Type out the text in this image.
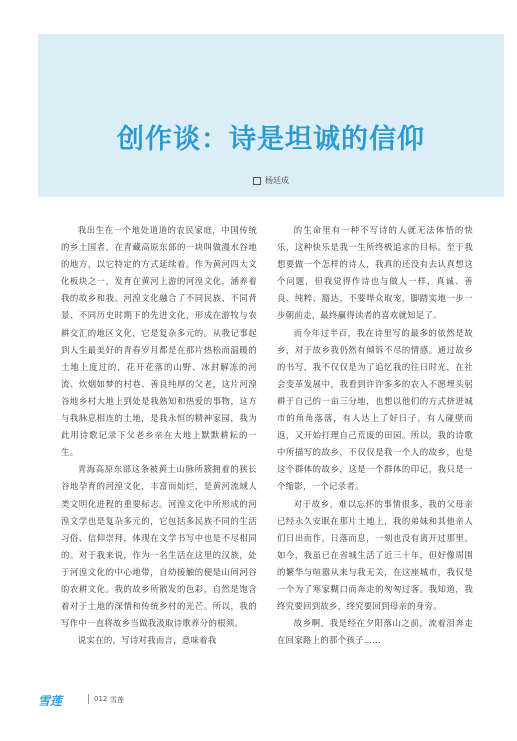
创作谈：诗是坦诚的信仰
杨廷成

我出生在一个地处道道的农民家庭，中国传统的乡土国者，在青藏高原东部的一块叫做漫水谷地的地方，以它特定的方式延续着。作为黄河四大文化板块之一，发育在黄河上游的河湟文化，涵养着我的故乡和我。河湟文化融合了不同民族、不同背景、不同历史时期下的先进文化，形成在游牧与农耕交汇的地区文化，它是复杂多元的。从我记事起到人生最美好的青春岁月都是在那片热松而温暖的土地上度过的，花开花落的山野、冰封解冻的河流、炊烟如梦的村巷、善良纯厚的父老，这片河湟谷地乡村大地上到处是我熟知和热爱的事物，这方与我脉息相连的土地，是我永恒的精神家园，我为此用诗歌记录下父老乡亲在大地上默默耕耘的一生。

青海高原东部这条被黄土山脉所簇拥着的狭长谷地孕育的河湟文化，丰富而灿烂，是黄河流域人类文明化进程的重要标志。河湟文化中所形成的河湟文学也是复杂多元的，它包括多民族不同的生活习俗、信仰崇拜，体现在文学书写中也是不尽相同的。对于我来说，作为一名生活在这里的汉族，处于河湟文化的中心地带，自幼接触的便是山间河谷的农耕文化。我的故乡所散发的色彩，自然是饱含着对于土地的深情和传统乡村的光芒。所以，我的写作中一直将故乡当做我汲取诗歌养分的根须。

说实在的，写诗对我而言，意味着我

的生命里有一种不写诗的人就无法体悟的快乐，这种快乐是我一生所终极追求的目标。至于我想要做一个怎样的诗人，我真的还没有去认真想这个问题，但我觉得作诗也与做人一样，真诚、善良、纯粹、豁达，不要哗众取宠，脚踏实地一步一步朝前走，最终赢得读者的喜欢就知足了。

而今年过半百，我在诗里写的最多的依然是故乡，对于故乡我仍然有倾诉不尽的情感。通过故乡的书写，我不仅仅是为了追忆我的往日时光，在社会变革发展中，我看到许许多多的农人不愿埋头躬耕于自己的一亩三分地，也想以他们的方式挤进城市的角角落落，有人达上了好日子，有人碰壁而返，又开始打理自己荒废的田园。所以，我的诗歌中所描写的故乡，不仅仅是我一个人的故乡，也是这个群体的故乡，这是一个群体的印记，我只是一个缩影，一个记录者。

对于故乡，难以忘怀的事情很多，我的父母亲已经永久安眠在那片土地上，我的弟妹和其他亲人们日出而作，日落而息，一刻也没有离开过那里。如今，我虽已在省城生活了近三十年，但好像周围的繁华与喧嚣从来与我无关，在这座城市，我仅是一个为了寒家糊口而奔走的匆匆过客。我知道，我终究要回到故乡，终究要回到母亲的身旁。

故乡啊，我是经在夕阳落山之前，流着泪奔走在回家路上的那个孩子……

雪莲	012 雪莲
